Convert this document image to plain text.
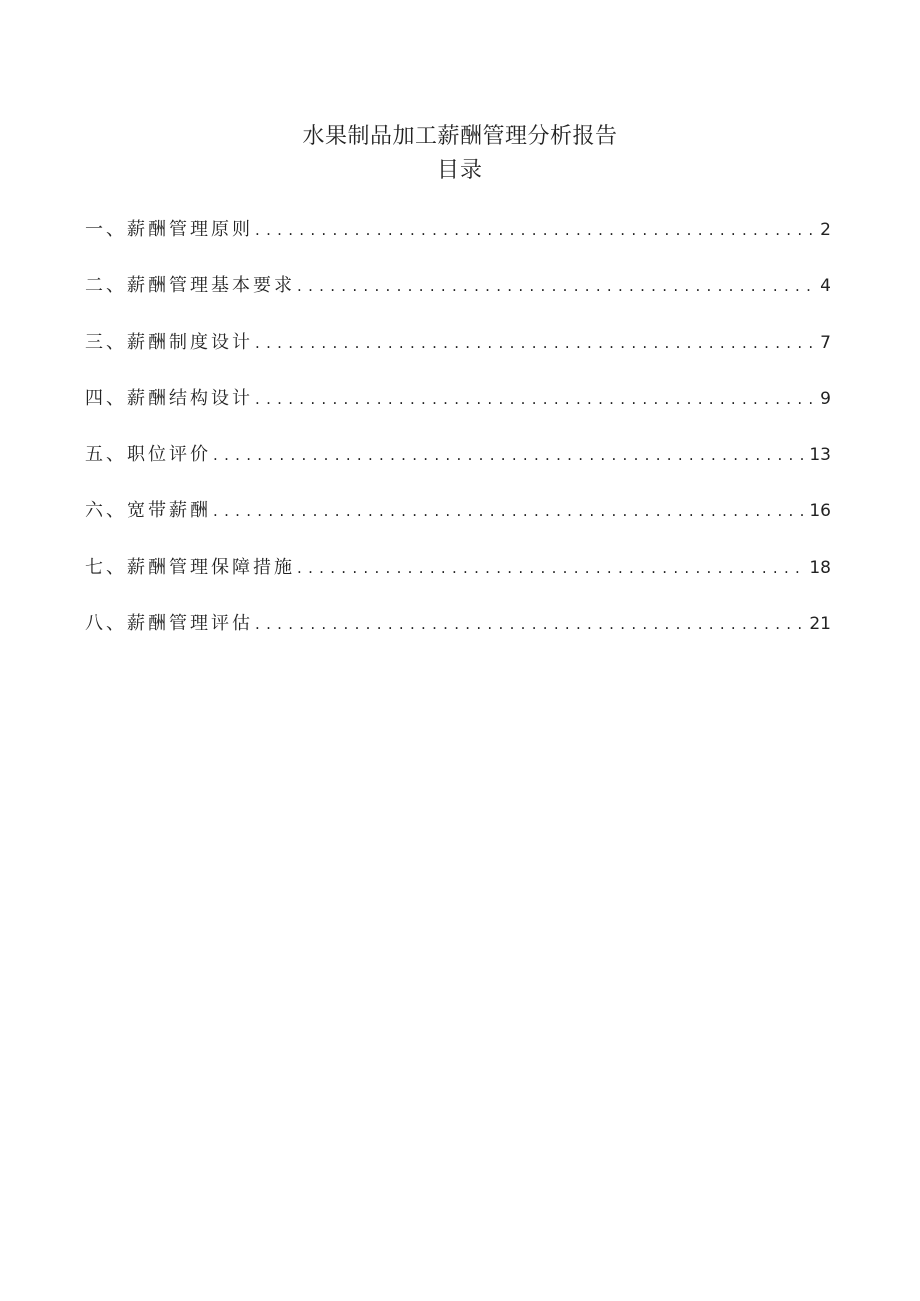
水果制品加工薪酬管理分析报告
目录
一、薪酬管理原则 .....	2
二、薪酬管理基本要求 .....	4
三、薪酬制度设计 .....	7
四、薪酬结构设计 .....	9
五、职位评价 .....	13
六、宽带薪酬 .....	16
七、薪酬管理保障措施 .....	18
八、薪酬管理评估 .....	21
